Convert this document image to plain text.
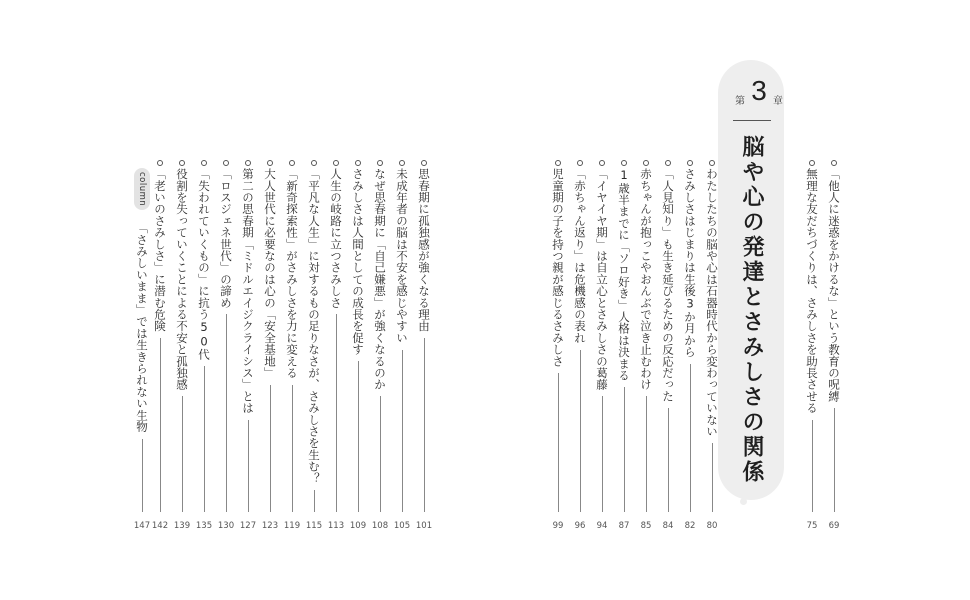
第 3 章
脳や心の発達とさみしさの関係	「他人に迷惑をかけるな」という教育の呪縛
69
無理な友だちづくりは、さみしさを助長させる
75
わたしたちの脳や心は石器時代から変わっていない
80
さみしさはじまりは生後3か月から
82
「人見知り」も生き延びるための反応だった
84
赤ちゃんが抱っこやおんぶで泣き止むわけ
85
1歳半までに「ソロ好き」人格は決まる
87
「イヤイヤ期」は自立心とさみしさの葛藤
94
「赤ちゃん返り」は危機感の表れ
96
児童期の子を持つ親が感じるさみしさ
99
思春期に孤独感が強くなる理由
101
未成年者の脳は不安を感じやすい
105
なぜ思春期に「自己嫌悪」が強くなるのか
108
さみしさは人間としての成長を促す
109
人生の岐路に立つさみしさ
113
「平凡な人生」に対するもの足りなさが、さみしさを生む？
115
「新奇探索性」がさみしさを力に変える
119
大人世代に必要なのは心の「安全基地」
123
第二の思春期「ミドルエイジクライシス」とは
127
「ロスジェネ世代」の諦め
130
「失われていくもの」に抗う50代
135
役割を失っていくことによる不安と孤独感
139
「老いのさみしさ」に潜む危険
142
column
「さみしいまま」では生きられない生物
147
